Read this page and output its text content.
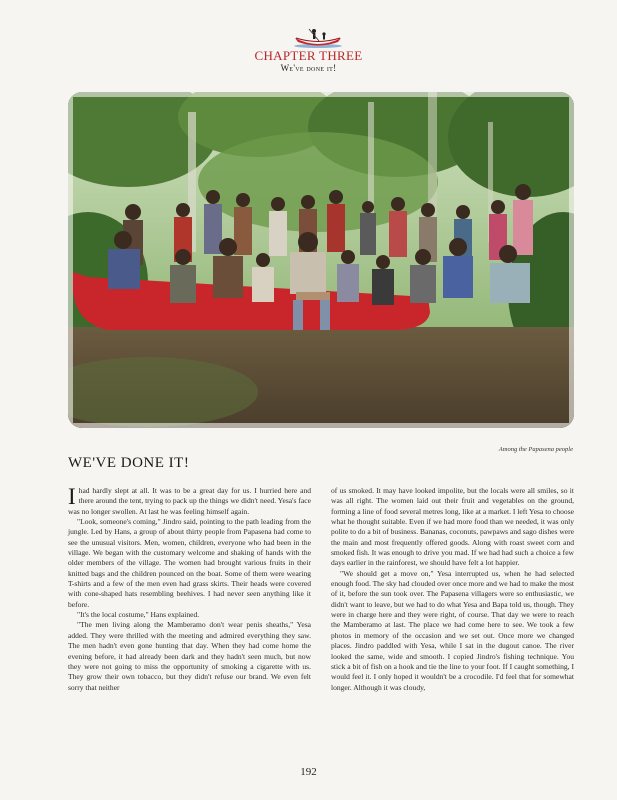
CHAPTER THREE
We've done it!
Among the Papasena people
WE'VE DONE IT!

Ihad hardly slept at all. It was to be a great day for us. I hurried here and there around the tent, trying to pack up the things we didn't need. Yesa's face was no longer swollen. At last he was feeling himself again.

"Look, someone's coming," Jindro said, pointing to the path leading from the jungle. Led by Hans, a group of about thirty people from Papasena had come to see the unusual visitors. Men, women, children, everyone who had been in the village. We began with the customary welcome and shaking of hands with the older members of the village. The women had brought various fruits in their knitted bags and the children pounced on the boat. Some of them were wearing T-shirts and a few of the men even had grass skirts. Their heads were covered with cone-shaped hats resembling beehives. I had never seen anything like it before.

"It's the local costume," Hans explained.

"The men living along the Mamberamo don't wear penis sheaths," Yesa added. They were thrilled with the meeting and admired everything they saw. The men hadn't even gone hunting that day. When they had come home the evening before, it had already been dark and they hadn't seen much, but now they were not going to miss the opportunity of smoking a cigarette with us. They grow their own tobacco, but they didn't refuse our brand. We even felt sorry that neither

of us smoked. It may have looked impolite, but the locals were all smiles, so it was all right. The women laid out their fruit and vegetables on the ground, forming a line of food several metres long, like at a market. I left Yesa to choose what he thought suitable. Even if we had more food than we needed, it was only polite to do a bit of business. Bananas, coconuts, pawpaws and sago dishes were the main and most frequently offered goods. Along with roast sweet corn and smoked fish. It was enough to drive you mad. If we had had such a choice a few days earlier in the rainforest, we should have felt a lot happier.

"We should get a move on," Yesa interrupted us, when he had selected enough food. The sky had clouded over once more and we had to make the most of it, before the sun took over. The Papasena villagers were so enthusiastic, we didn't want to leave, but we had to do what Yesa and Bapa told us, though. They were in charge here and they were right, of course. That day we were to reach the Mamberamo at last. The place we had come here to see. We took a few photos in memory of the occasion and we set out. Once more we changed places. Jindro paddled with Yesa, while I sat in the dugout canoe. The river looked the same, wide and smooth. I copied Jindro's fishing technique. You stick a bit of fish on a hook and tie the line to your foot. If I caught something, I would feel it. I only hoped it wouldn't be a crocodile. I'd feel that for somewhat longer. Although it was cloudy,

192
